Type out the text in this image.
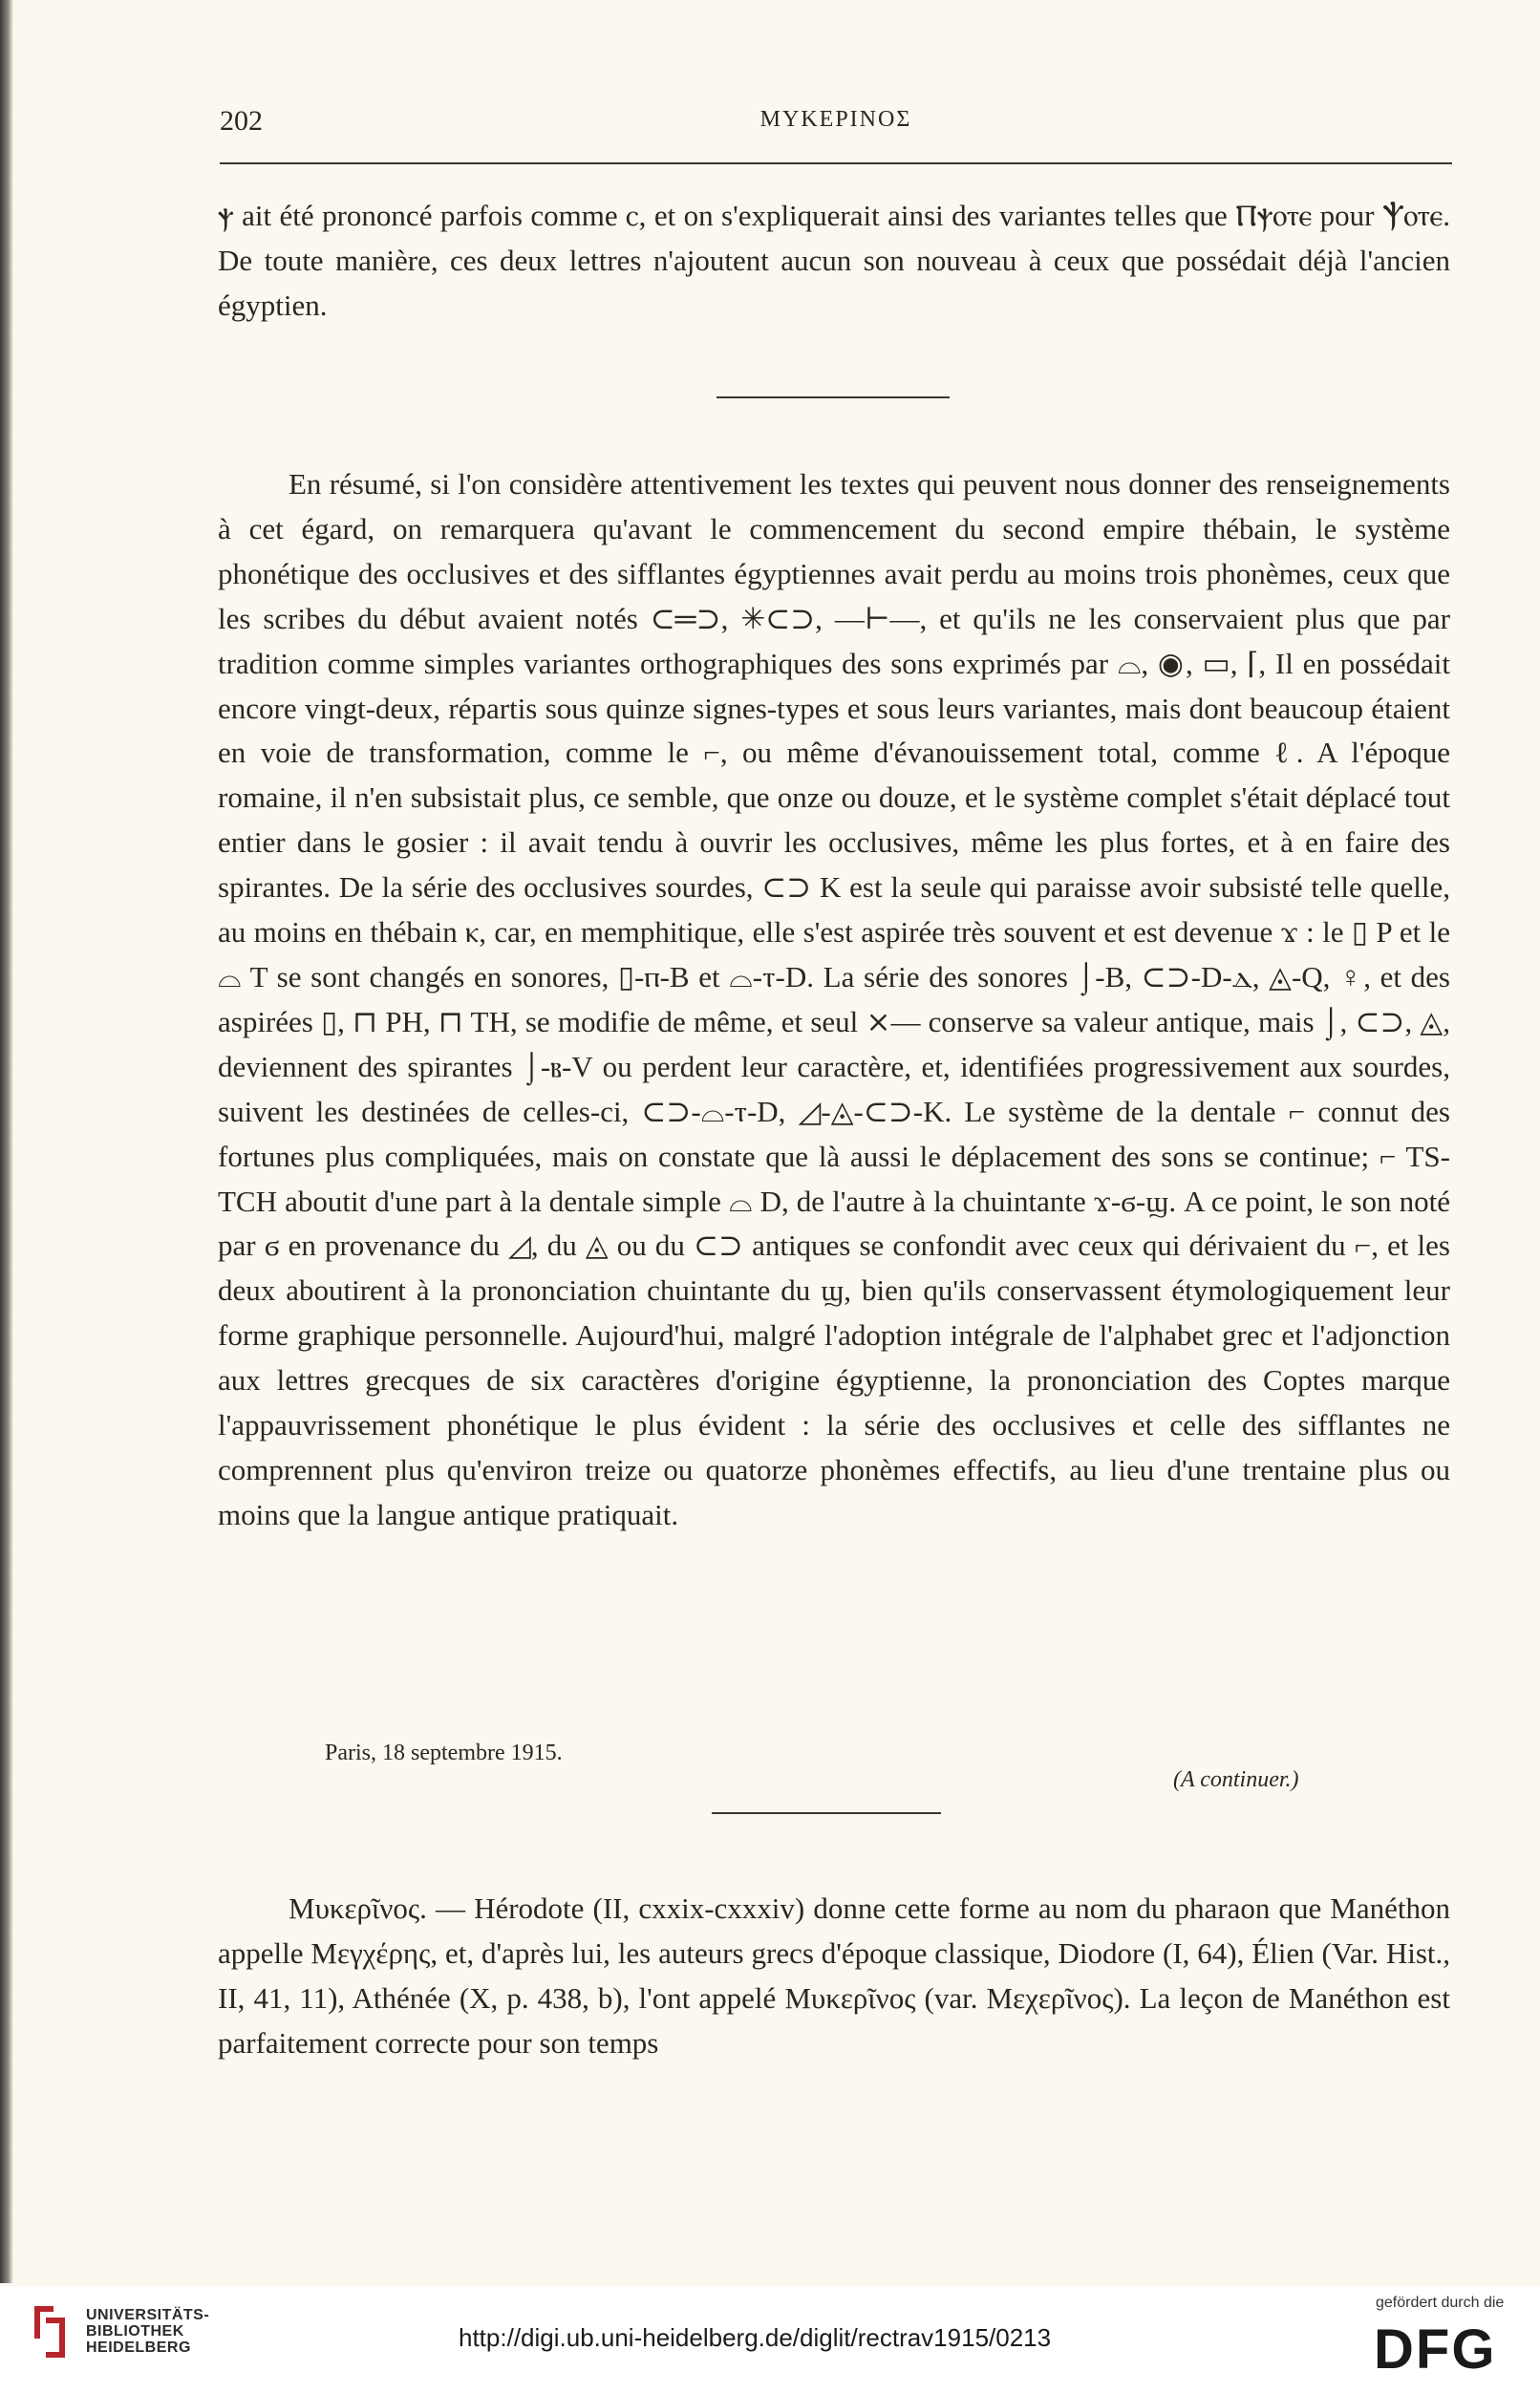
202	ΜΥΚΕΡΙΝΟΣ

ⲯ ait été prononcé parfois comme ⲥ, et on s'expliquerait ainsi des variantes telles que Ⲡⲯⲟⲧⲉ pour Ⲯⲟⲧⲉ. De toute manière, ces deux lettres n'ajoutent aucun son nouveau à ceux que possédait déjà l'ancien égyptien.

En résumé, si l'on considère attentivement les textes qui peuvent nous donner des renseignements à cet égard, on remarquera qu'avant le commencement du second empire thébain, le système phonétique des occlusives et des sifflantes égyptiennes avait perdu au moins trois phonèmes, ceux que les scribes du début avaient notés ⊂═⊃, ✳⊂⊃, —⊢—, et qu'ils ne les conservaient plus que par tradition comme simples variantes orthographiques des sons exprimés par ⌓, ◉, ▭, ⌈, Il en possédait encore vingt-deux, répartis sous quinze signes-types et sous leurs variantes, mais dont beaucoup étaient en voie de transformation, comme le ⌐, ou même d'évanouissement total, comme ℓ. A l'époque romaine, il n'en subsistait plus, ce semble, que onze ou douze, et le système complet s'était déplacé tout entier dans le gosier : il avait tendu à ouvrir les occlusives, même les plus fortes, et à en faire des spirantes. De la série des occlusives sourdes, ⊂⊃ K est la seule qui paraisse avoir subsisté telle quelle, au moins en thébain ⲕ, car, en memphitique, elle s'est aspirée très souvent et est devenue ϫ : le ▯ P et le ⌓ T se sont changés en sonores, ▯-ⲡ-B et ⌓-ⲧ-D. La série des sonores ⌡-B, ⊂⊃-D-ⲇ, ◬-Q, ♀, et des aspirées ▯, ⊓ PH, ⊓ TH, se modifie de même, et seul ⨯— conserve sa valeur antique, mais ⌡, ⊂⊃, ◬, deviennent des spirantes ⌡-ⲃ-V ou perdent leur caractère, et, identifiées progressivement aux sourdes, suivent les destinées de celles-ci, ⊂⊃-⌓-ⲧ-D, ◿-◬-⊂⊃-K. Le système de la dentale ⌐ connut des fortunes plus compliquées, mais on constate que là aussi le déplacement des sons se continue; ⌐ TS-TCH aboutit d'une part à la dentale simple ⌓ D, de l'autre à la chuintante ϫ-ϭ-ϣ. A ce point, le son noté par ϭ en provenance du ◿, du ◬ ou du ⊂⊃ antiques se confondit avec ceux qui dérivaient du ⌐, et les deux aboutirent à la prononciation chuintante du ϣ, bien qu'ils conservassent étymologiquement leur forme graphique personnelle. Aujourd'hui, malgré l'adoption intégrale de l'alphabet grec et l'adjonction aux lettres grecques de six caractères d'origine égyptienne, la prononciation des Coptes marque l'appauvrissement phonétique le plus évident : la série des occlusives et celle des sifflantes ne comprennent plus qu'environ treize ou quatorze phonèmes effectifs, au lieu d'une trentaine plus ou moins que la langue antique pratiquait.

Paris, 18 septembre 1915.
(A continuer.)

Μυκερῖνος. — Hérodote (II, cxxix-cxxxiv) donne cette forme au nom du pharaon que Manéthon appelle Μεγχέρης, et, d'après lui, les auteurs grecs d'époque classique, Diodore (I, 64), Élien (Var. Hist., II, 41, 11), Athénée (X, p. 438, b), l'ont appelé Μυκερῖνος (var. Μεχερῖνος). La leçon de Manéthon est parfaitement correcte pour son temps

UNIVERSITÄTS-
BIBLIOTHEK
HEIDELBERG	http://digi.ub.uni-heidelberg.de/diglit/rectrav1915/0213
gefördert durch die
DFG
